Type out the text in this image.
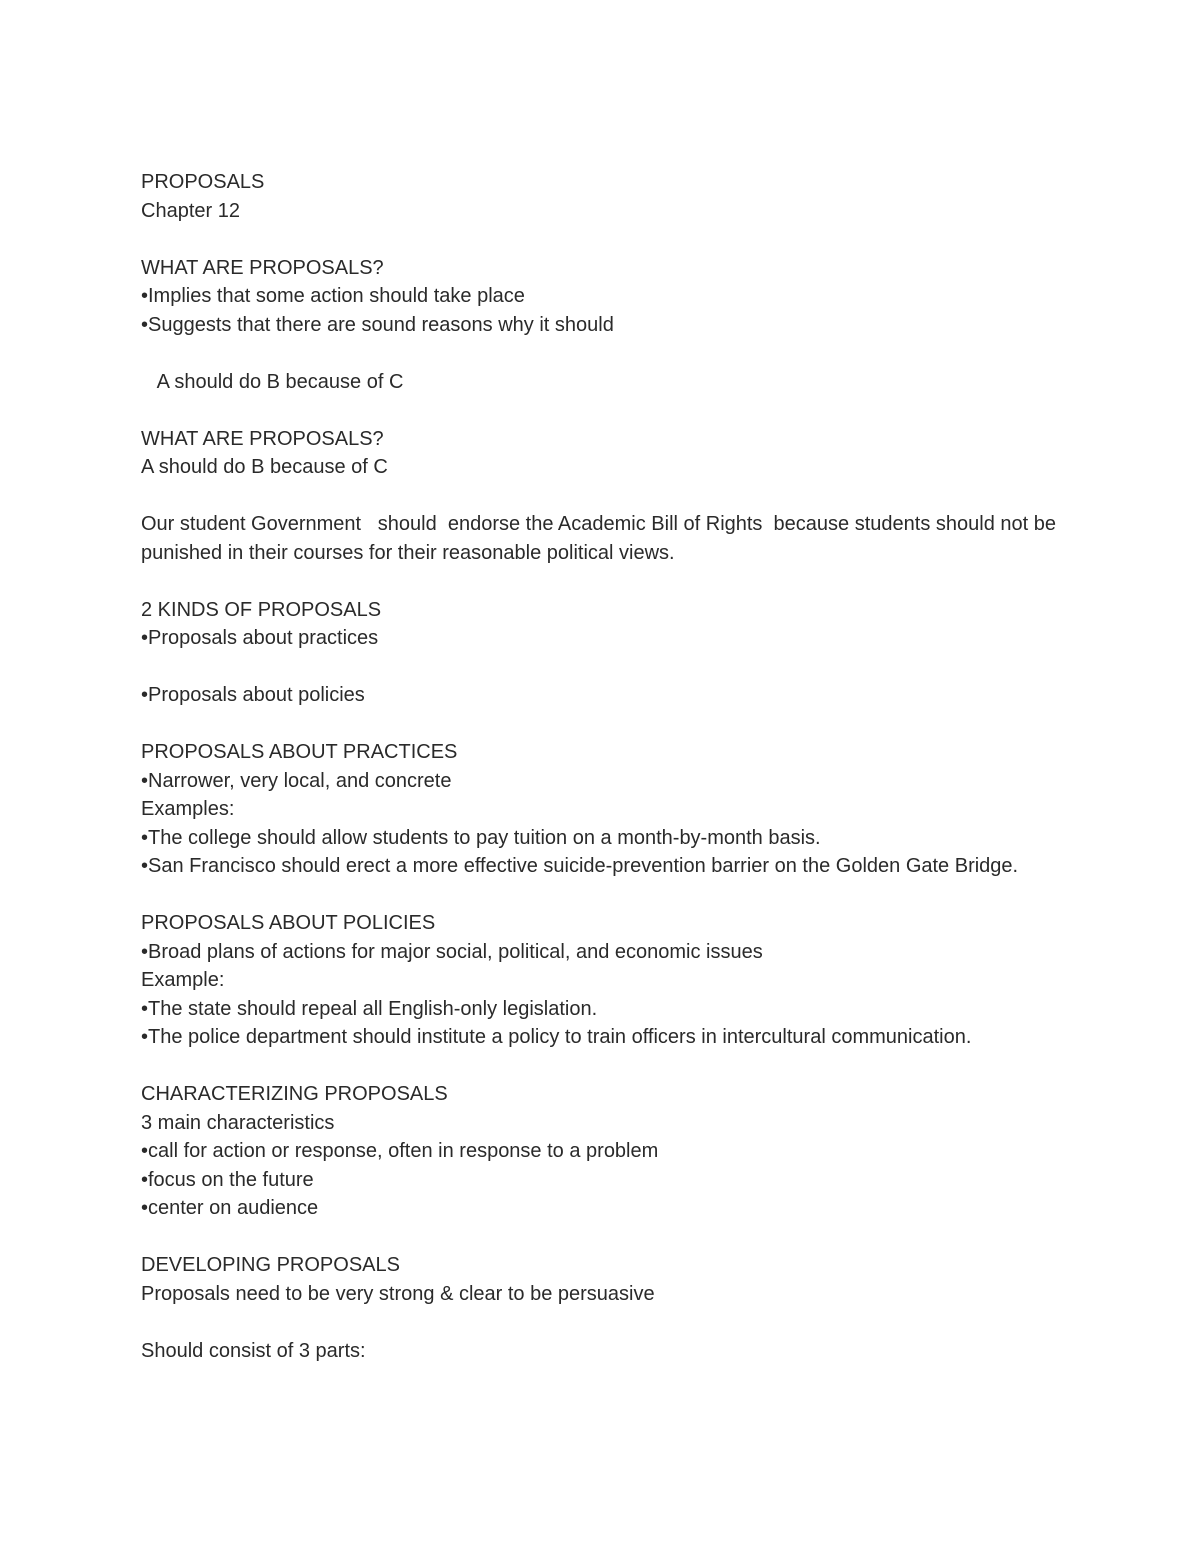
PROPOSALS
Chapter 12
WHAT ARE PROPOSALS?
•Implies that some action should take place
•Suggests that there are sound reasons why it should
A should do B because of C
WHAT ARE PROPOSALS?
A should do B because of C
Our student Government   should  endorse the Academic Bill of Rights  because students should not be punished in their courses for their reasonable political views.
2 KINDS OF PROPOSALS
•Proposals about practices
•Proposals about policies
PROPOSALS ABOUT PRACTICES
•Narrower, very local, and concrete
Examples:
•The college should allow students to pay tuition on a month-by-month basis.
•San Francisco should erect a more effective suicide-prevention barrier on the Golden Gate Bridge.
PROPOSALS ABOUT POLICIES
•Broad plans of actions for major social, political, and economic issues
Example:
•The state should repeal all English-only legislation.
•The police department should institute a policy to train officers in intercultural communication.
CHARACTERIZING PROPOSALS
3 main characteristics
•call for action or response, often in response to a problem
•focus on the future
•center on audience
DEVELOPING PROPOSALS
Proposals need to be very strong & clear to be persuasive
Should consist of 3 parts:
